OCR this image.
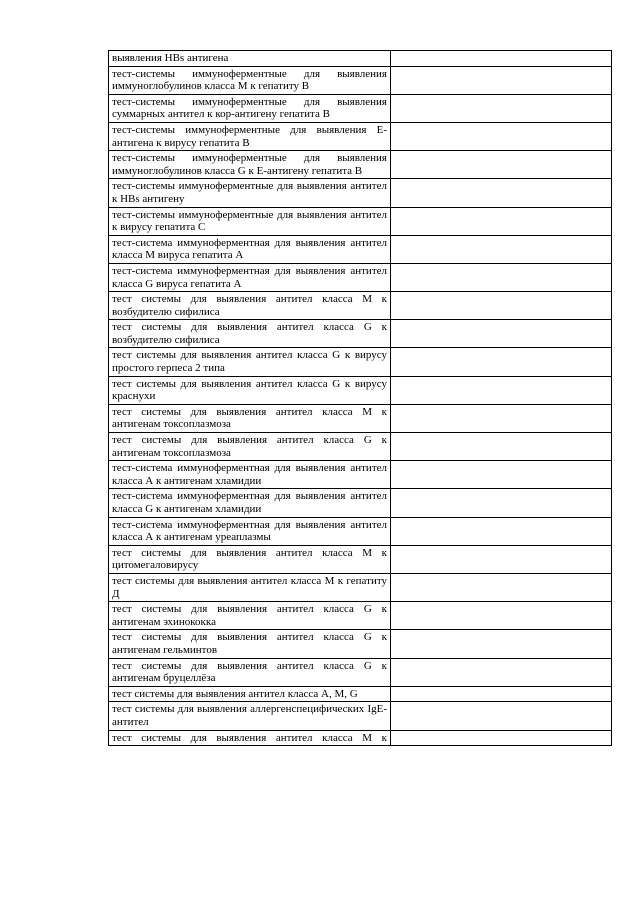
выявления HBs антигена	
тест-системы иммуноферментные для выявления иммуноглобулинов класса М к гепатиту В	
тест-системы иммуноферментные для выявления суммарных антител к кор-антигену гепатита В	
тест-системы иммуноферментные для выявления Е-антигена к вирусу гепатита В	
тест-системы иммуноферментные для выявления иммуноглобулинов класса G к Е-антигену гепатита В	
тест-системы иммуноферментные для выявления антител к HBs антигену	
тест-системы иммуноферментные для выявления антител к вирусу гепатита С	
тест-система иммуноферментная для выявления антител класса М вируса гепатита А	
тест-система иммуноферментная для выявления антител класса G вируса гепатита А	
тест системы для выявления антител класса М к возбудителю сифилиса	
тест системы для выявления антител класса G к возбудителю сифилиса	
тест системы для выявления антител класса G к вирусу простого герпеса 2 типа	
тест системы для выявления антител класса G к вирусу краснухи	
тест системы для выявления антител класса М к антигенам токсоплазмоза	
тест системы для выявления антител класса G к антигенам токсоплазмоза	
тест-система иммуноферментная для выявления антител класса А к антигенам хламидии	
тест-система иммуноферментная для выявления антител класса G к антигенам хламидии	
тест-система иммуноферментная для выявления антител класса А к антигенам уреаплазмы	
тест системы для выявления антител класса М к цитомегаловирусу	
тест системы для выявления антител класса М к гепатиту Д	
тест системы для выявления антител класса G к антигенам эхинококка	
тест системы для выявления антител класса G к антигенам гельминтов	
тест системы для выявления антител класса G к антигенам бруцеллёза	
тест системы для выявления антител класса А, М, G	
тест системы для выявления аллергенспецифических IgЕ-антител	
тест системы для выявления антител класса М к	
